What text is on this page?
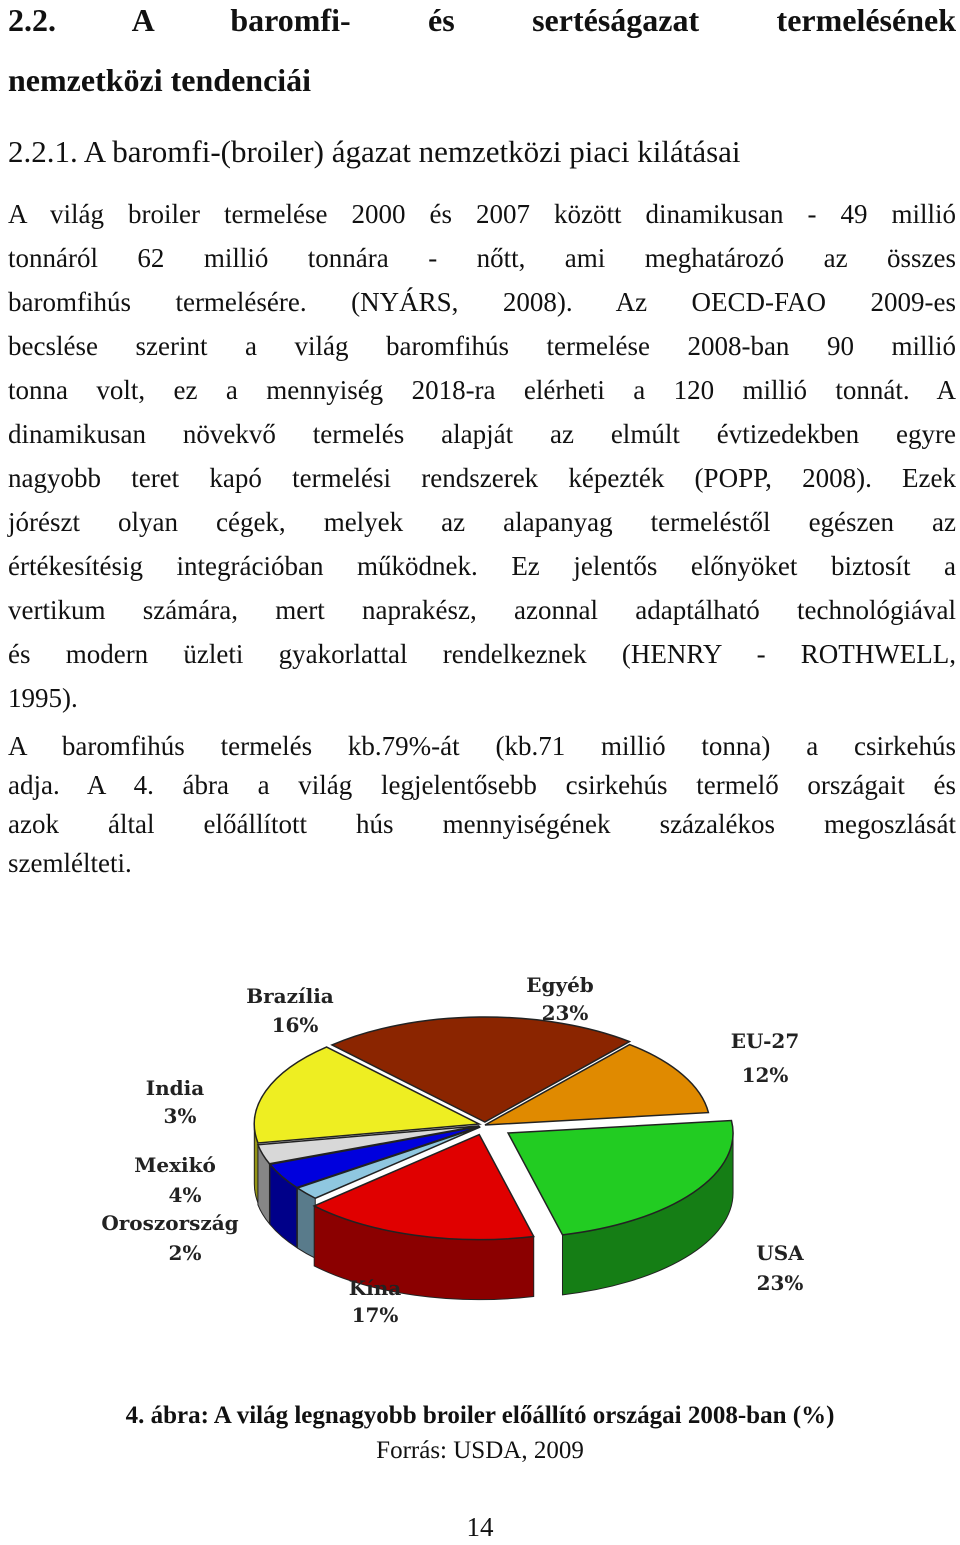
2.2. A baromfi- és sertéságazat termelésének
nemzetközi tendenciái
2.2.1. A baromfi-(broiler) ágazat nemzetközi piaci kilátásai
A világ broiler termelése 2000 és 2007 között dinamikusan - 49 millió
tonnáról 62 millió tonnára - nőtt, ami meghatározó az összes
baromfihús termelésére. (NYÁRS, 2008). Az OECD-FAO 2009-es
becslése szerint a világ baromfihús termelése 2008-ban 90 millió
tonna volt, ez a mennyiség 2018-ra elérheti a 120 millió tonnát. A
dinamikusan növekvő termelés alapját az elmúlt évtizedekben egyre
nagyobb teret kapó termelési rendszerek képezték (POPP, 2008). Ezek
jórészt olyan cégek, melyek az alapanyag termeléstől egészen az
értékesítésig integrációban működnek. Ez jelentős előnyöket biztosít a
vertikum számára, mert naprakész, azonnal adaptálható technológiával
és modern üzleti gyakorlattal rendelkeznek (HENRY - ROTHWELL,
1995).
A baromfihús termelés kb.79%-át (kb.71 millió tonna) a csirkehús
adja. A 4. ábra a világ legjelentősebb csirkehús termelő országait és
azok által előállított hús mennyiségének százalékos megoszlását
szemlélteti.
EU-27
12%
USA
23%
Kína
17%
Oroszország
2%
Mexikó
4%
India
3%
Brazília
16%
Egyéb
23%
4. ábra: A világ legnagyobb broiler előállító országai 2008-ban (%)
Forrás: USDA, 2009
14
